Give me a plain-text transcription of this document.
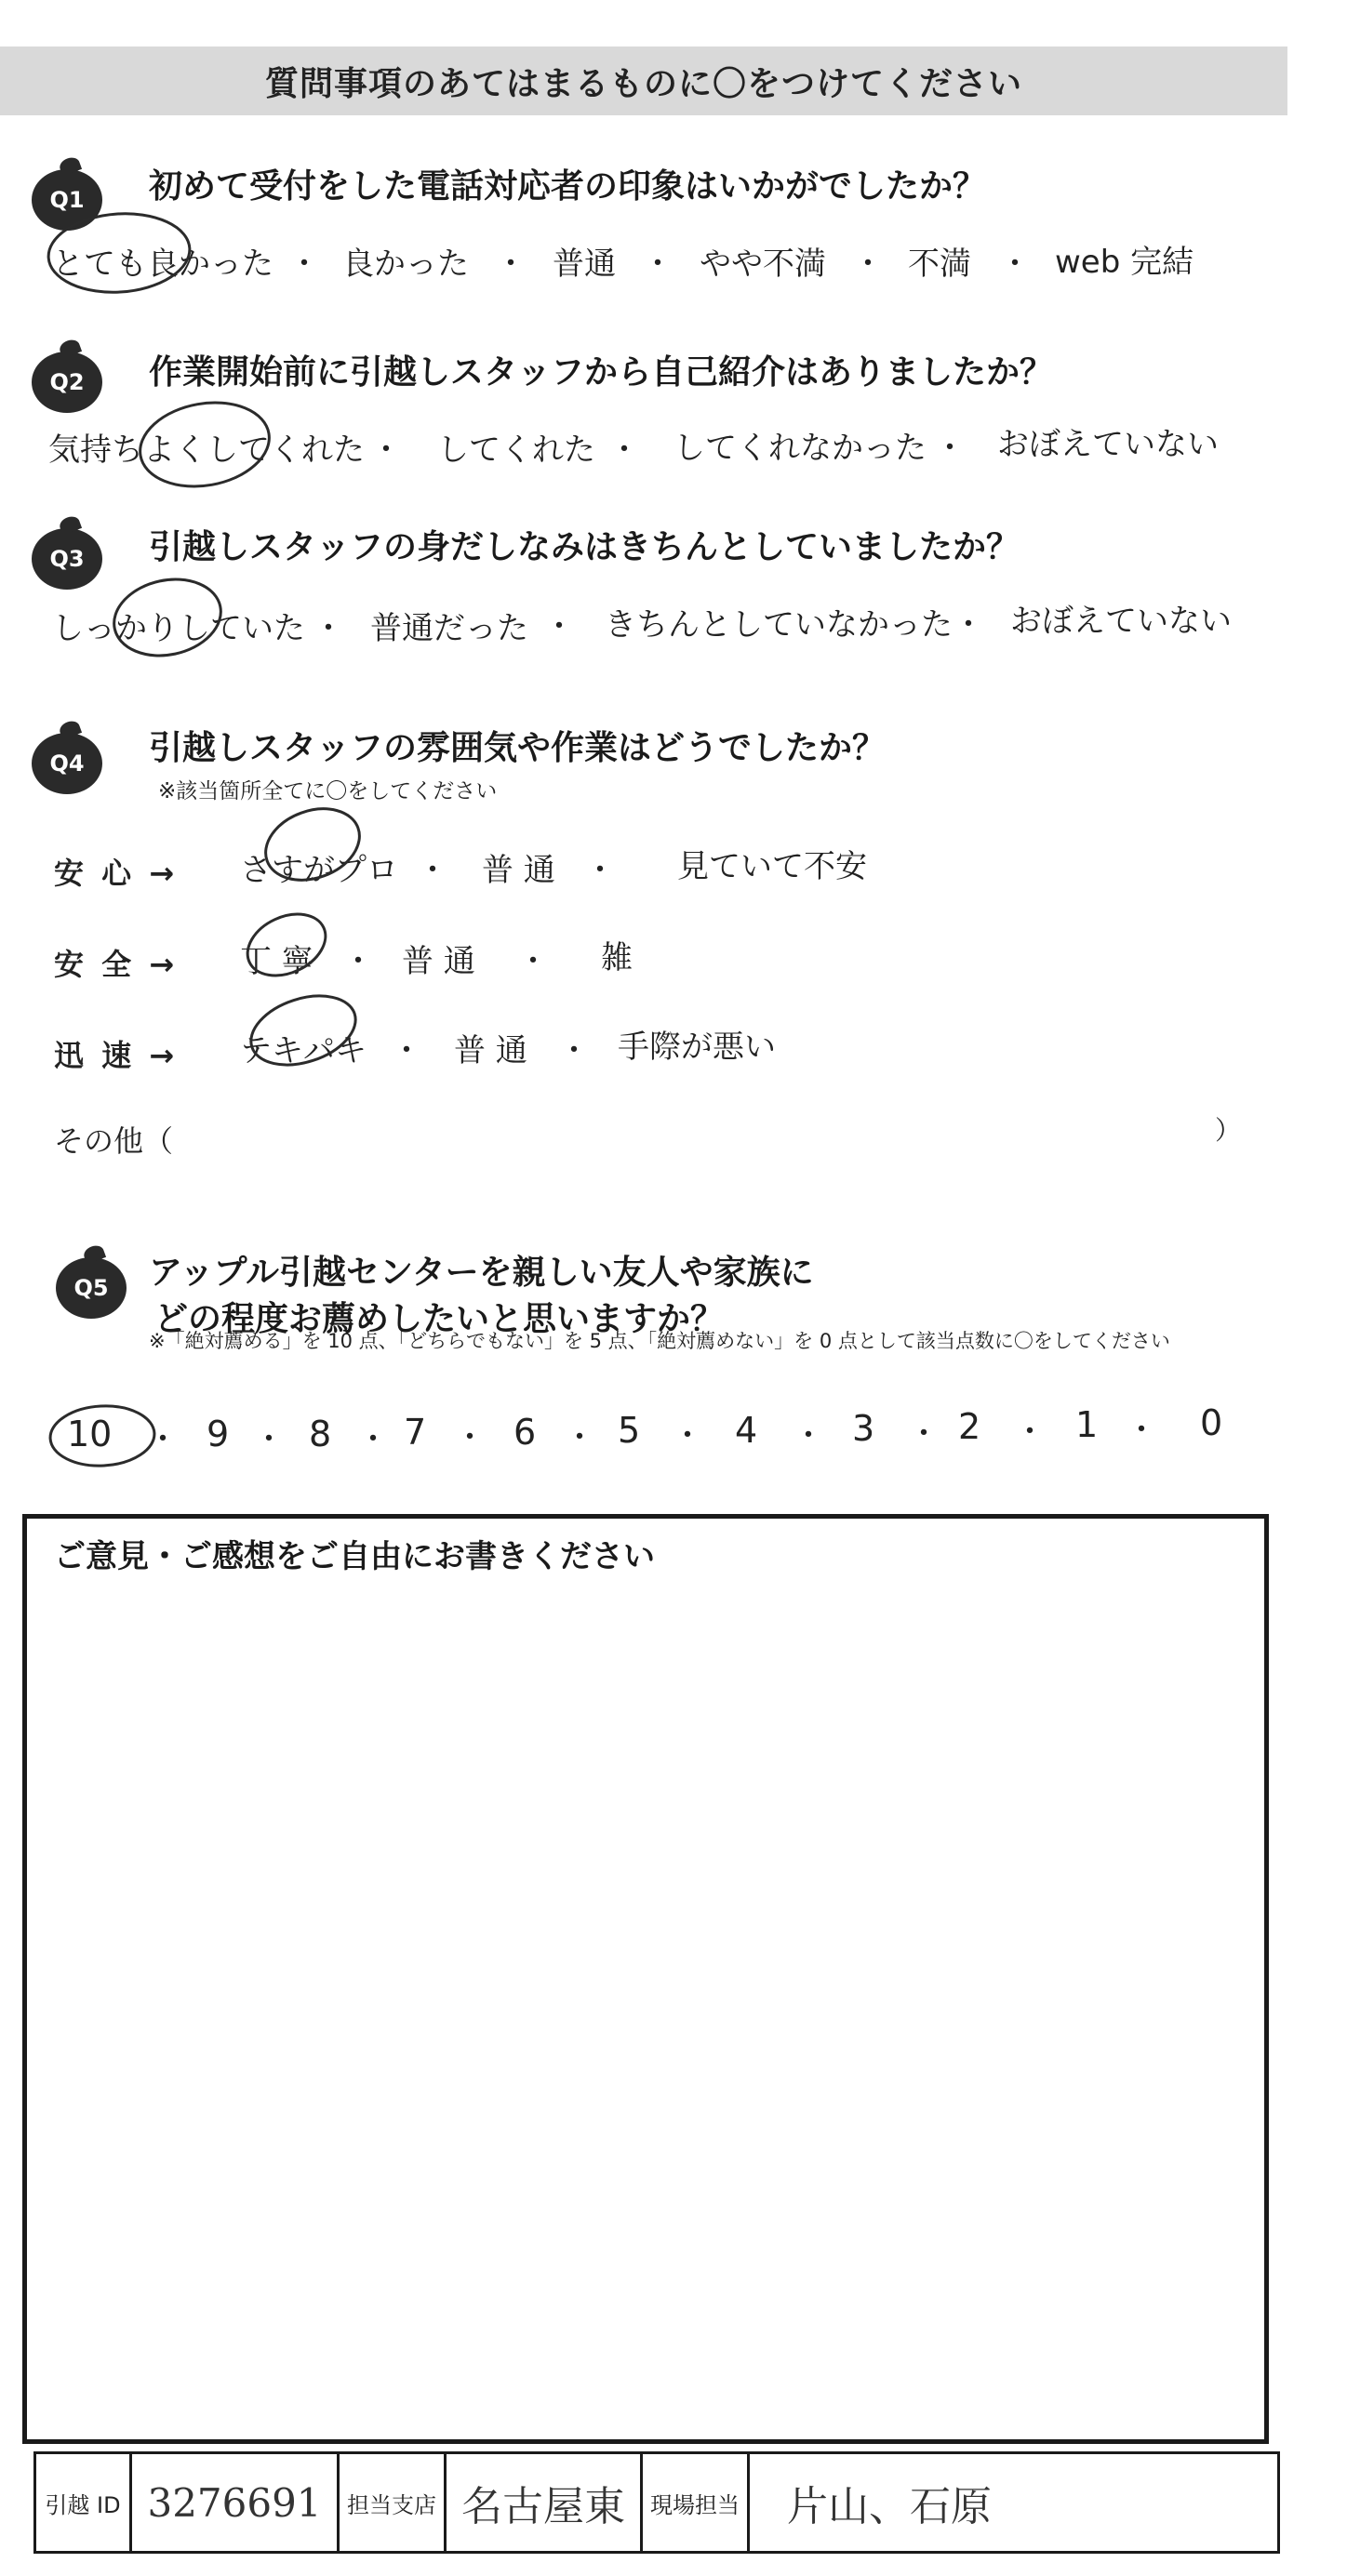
質問事項のあてはまるものに〇をつけてください
Q1 初めて受付をした電話対応者の印象はいかがでしたか？
とても良かった ・ 良かった ・ 普通 ・ やや不満 ・ 不満 ・ web 完結
Q2 作業開始前に引越しスタッフから自己紹介はありましたか？
気持ちよくしてくれた ・ してくれた ・ してくれなかった ・ おぼえていない
Q3 引越しスタッフの身だしなみはきちんとしていましたか？
しっかりしていた ・ 普通だった ・ きちんとしていなかった ・ おぼえていない
Q4 引越しスタッフの雰囲気や作業はどうでしたか？
※該当箇所全てに〇をしてください
安 心 → さすがプロ ・ 普 通 ・ 見ていて不安
安 全 → 丁 寧 ・ 普 通 ・ 雑
迅 速 → テキパキ ・ 普 通 ・ 手際が悪い
その他（	）
Q5 アップル引越センターを親しい友人や家族に
どの程度お薦めしたいと思いますか？
※「絶対薦める」を 10 点、「どちらでもない」を 5 点、「絶対薦めない」を 0 点として該当点数に〇をしてください
10 ・ 9 ・ 8 ・ 7 ・ 6 ・ 5 ・ 4 ・ 3 ・ 2 ・ 1 ・ 0
ご意見・ご感想をご自由にお書きください
引越 ID 3276691	担当支店 名古屋東	現場担当	片山、石原
